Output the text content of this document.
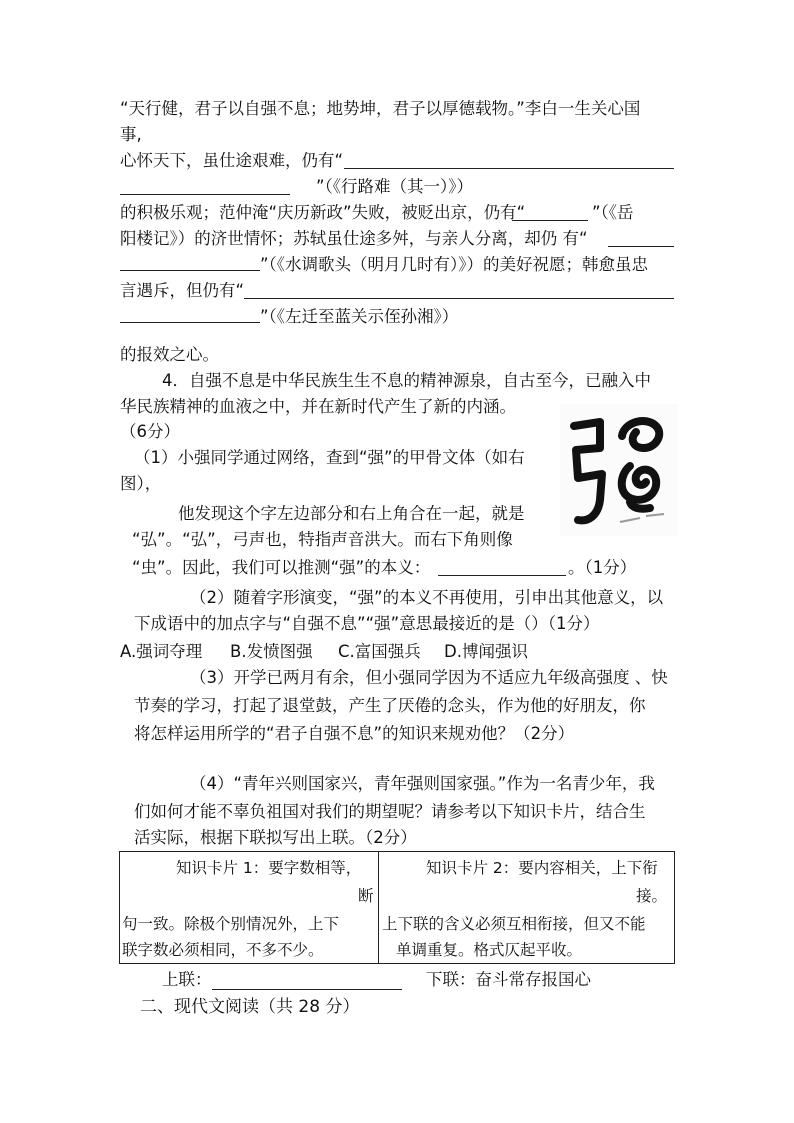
“天行健，君子以自强不息；地势坤，君子以厚德载物。”李白一生关心国
事,
心怀天下，虽仕途艰难，仍有“
”（《行路难（其一）》）
的积极乐观；范仲淹“庆历新政”失败，被贬出京，仍有“	”（《岳
阳楼记》）的济世情怀；苏轼虽仕途多舛，与亲人分离，却仍 有“
”（《水调歌头（明月几时有）》）的美好祝愿；韩愈虽忠
言遇斥，但仍有“
”（《左迁至蓝关示侄孙湘》）
的报效之心。
4．自强不息是中华民族生生不息的精神源泉，自古至今，已融入中
华民族精神的血液之中，并在新时代产生了新的内涵。
（6分）
（1）小强同学通过网络，查到“强”的甲骨文体（如右
图），
他发现这个字左边部分和右上角合在一起，就是
“弘”。“弘”，弓声也，特指声音洪大。而右下角则像
“虫”。因此，我们可以推测“强”的本义：	。（1分）
（2）随着字形演变，“强”的本义不再使用，引申出其他意义，以
下成语中的加点字与“自强不息”“强”意思最接近的是（）（1分）
A.强词夺理 B.发愤图强 C.富国强兵 D.博闻强识
（3）开学已两月有余，但小强同学因为不适应九年级高强度 、快
节奏的学习，打起了退堂鼓，产生了厌倦的念头，作为他的好朋友，你
将怎样运用所学的“君子自强不息”的知识来规劝他？（2分）
（4）“青年兴则国家兴，青年强则国家强。”作为一名青少年，我
们如何才能不辜负祖国对我们的期望呢？请参考以下知识卡片，结合生
活实际，根据下联拟写出上联。（2分）
知识卡片 1：要字数相等，
断
句一致。除极个别情况外，上下
联字数必须相同，不多不少。
知识卡片 2：要内容相关，上下衔
接。
上下联的含义必须互相衔接，但又不能
单调重复。格式仄起平收。
上联：	下联：奋斗常存报国心
二、现代文阅读（共 28 分）
